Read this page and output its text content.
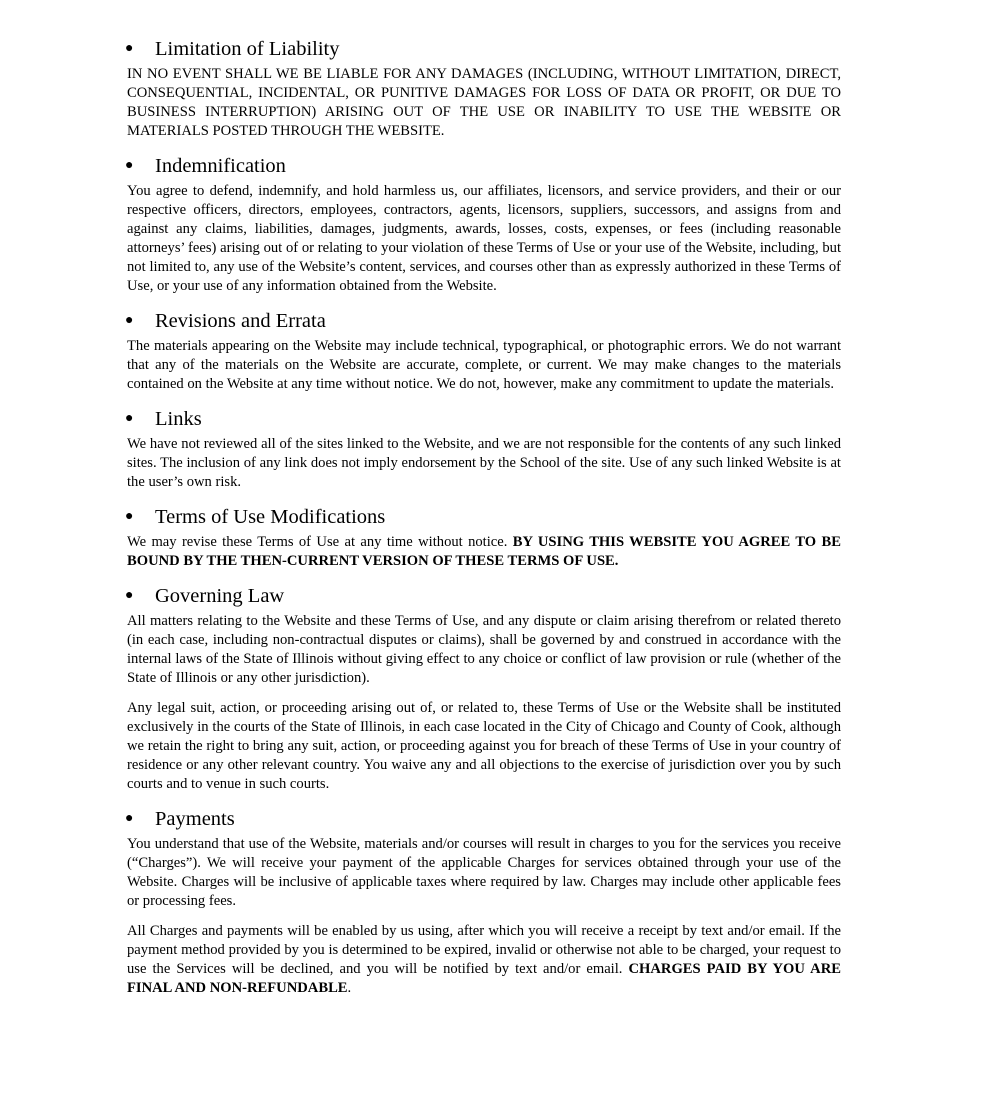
●	Limitation of Liability

IN NO EVENT SHALL WE BE LIABLE FOR ANY DAMAGES (INCLUDING, WITHOUT LIMITATION, DIRECT, CONSEQUENTIAL, INCIDENTAL, OR PUNITIVE DAMAGES FOR LOSS OF DATA OR PROFIT, OR DUE TO BUSINESS INTERRUPTION) ARISING OUT OF THE USE OR INABILITY TO USE THE WEBSITE OR MATERIALS POSTED THROUGH THE WEBSITE.

●	Indemnification

You agree to defend, indemnify, and hold harmless us, our affiliates, licensors, and service providers, and their or our respective officers, directors, employees, contractors, agents, licensors, suppliers, successors, and assigns from and against any claims, liabilities, damages, judgments, awards, losses, costs, expenses, or fees (including reasonable attorneys’ fees) arising out of or relating to your violation of these Terms of Use or your use of the Website, including, but not limited to, any use of the Website’s content, services, and courses other than as expressly authorized in these Terms of Use, or your use of any information obtained from the Website.

●	Revisions and Errata

The materials appearing on the Website may include technical, typographical, or photographic errors. We do not warrant that any of the materials on the Website are accurate, complete, or current. We may make changes to the materials contained on the Website at any time without notice. We do not, however, make any commitment to update the materials.

●	Links

We have not reviewed all of the sites linked to the Website, and we are not responsible for the contents of any such linked sites. The inclusion of any link does not imply endorsement by the School of the site. Use of any such linked Website is at the user’s own risk.

●	Terms of Use Modifications

We may revise these Terms of Use at any time without notice. BY USING THIS WEBSITE YOU AGREE TO BE BOUND BY THE THEN-CURRENT VERSION OF THESE TERMS OF USE.

●	Governing Law

All matters relating to the Website and these Terms of Use, and any dispute or claim arising therefrom or related thereto (in each case, including non-contractual disputes or claims), shall be governed by and construed in accordance with the internal laws of the State of Illinois without giving effect to any choice or conflict of law provision or rule (whether of the State of Illinois or any other jurisdiction).

Any legal suit, action, or proceeding arising out of, or related to, these Terms of Use or the Website shall be instituted exclusively in the courts of the State of Illinois, in each case located in the City of Chicago and County of Cook, although we retain the right to bring any suit, action, or proceeding against you for breach of these Terms of Use in your country of residence or any other relevant country. You waive any and all objections to the exercise of jurisdiction over you by such courts and to venue in such courts.

●	Payments

You understand that use of the Website, materials and/or courses will result in charges to you for the services you receive (“Charges”). We will receive your payment of the applicable Charges for services obtained through your use of the Website. Charges will be inclusive of applicable taxes where required by law. Charges may include other applicable fees or processing fees.

All Charges and payments will be enabled by us using, after which you will receive a receipt by text and/or email. If the payment method provided by you is determined to be expired, invalid or otherwise not able to be charged, your request to use the Services will be declined, and you will be notified by text and/or email. CHARGES PAID BY YOU ARE FINAL AND NON-REFUNDABLE.
